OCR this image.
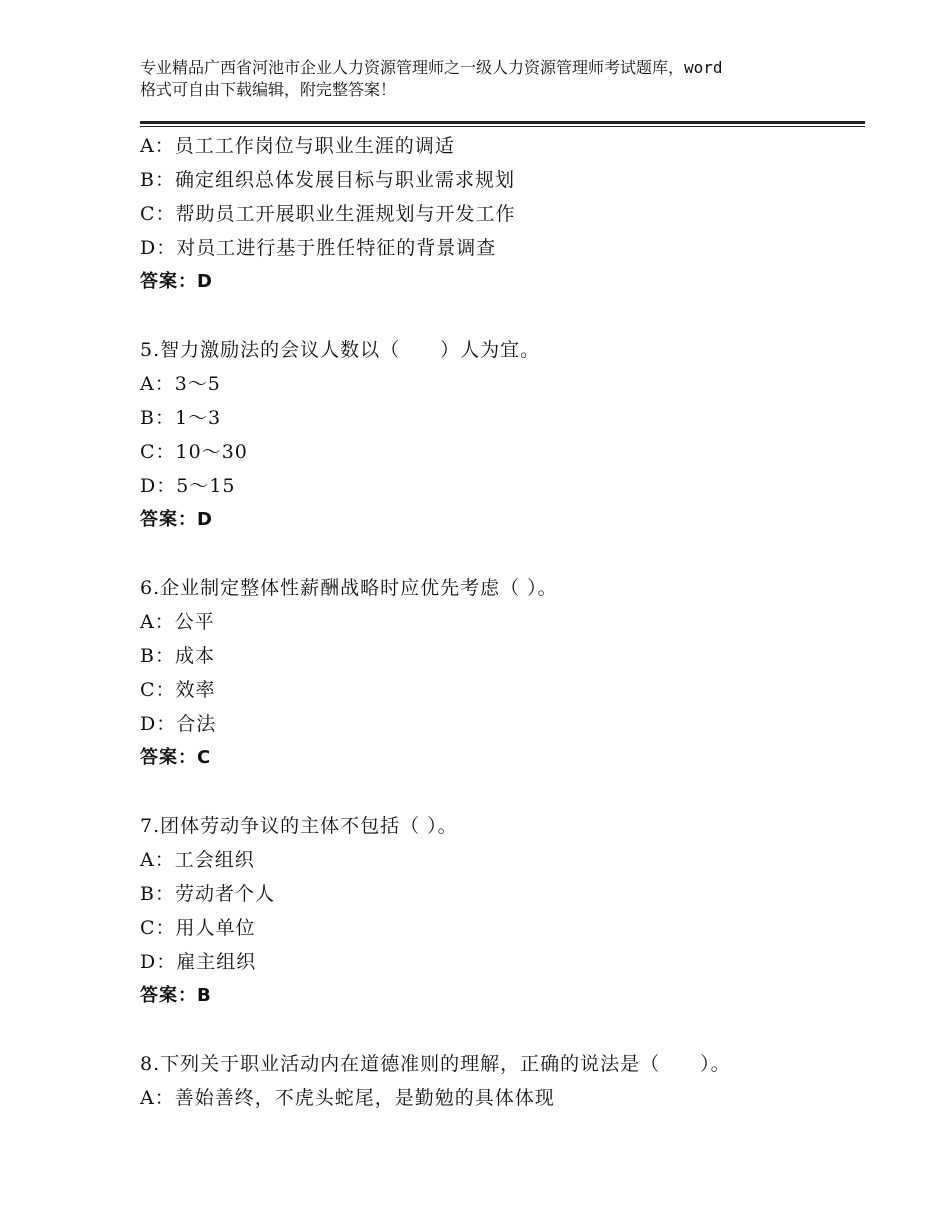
专业精品广西省河池市企业人力资源管理师之一级人力资源管理师考试题库，word
格式可自由下载编辑，附完整答案！
A：员工工作岗位与职业生涯的调适
B：确定组织总体发展目标与职业需求规划
C：帮助员工开展职业生涯规划与开发工作
D：对员工进行基于胜任特征的背景调查
答案：D
5.智力激励法的会议人数以（　　）人为宜。
A：3～5
B：1～3
C：10～30
D：5～15
答案：D
6.企业制定整体性薪酬战略时应优先考虑（ ）。
A：公平
B：成本
C：效率
D：合法
答案：C
7.团体劳动争议的主体不包括（ ）。
A：工会组织
B：劳动者个人
C：用人单位
D：雇主组织
答案：B
8.下列关于职业活动内在道德准则的理解，正确的说法是（　　）。
A：善始善终，不虎头蛇尾，是勤勉的具体体现
